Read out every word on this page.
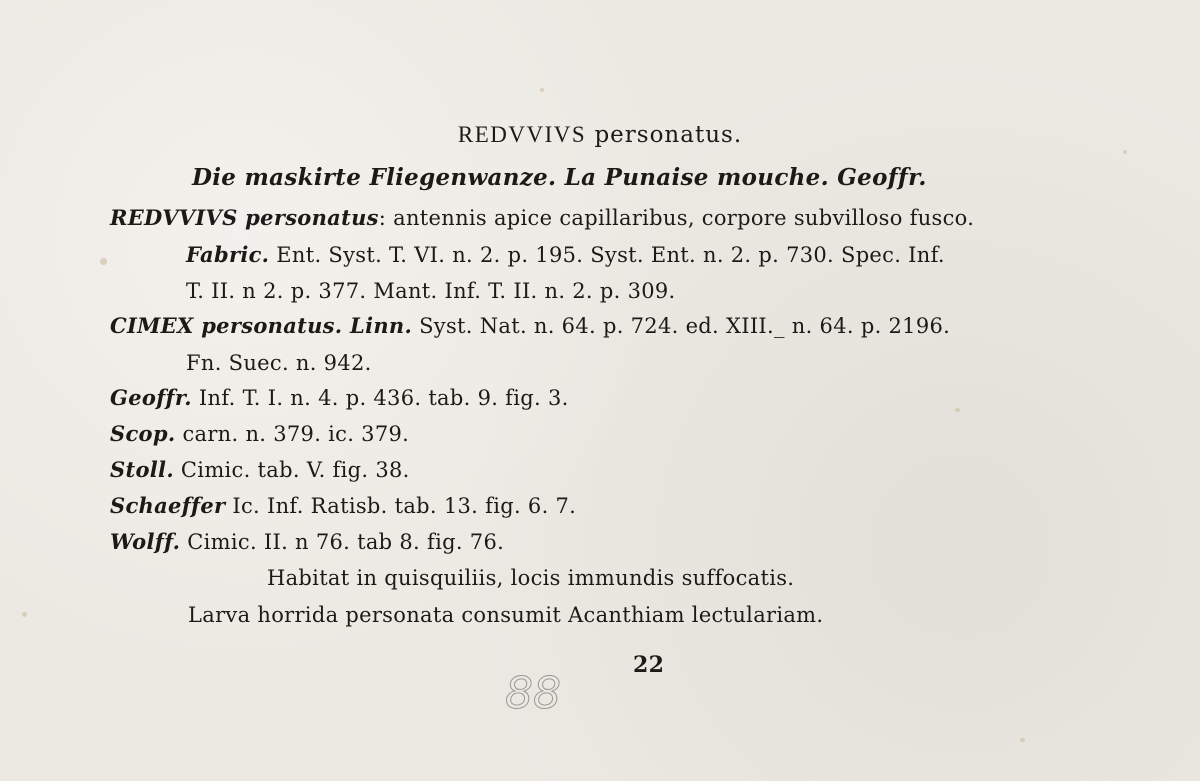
REDVVIVS personatus.
Die maskirte Fliegenwanze. La Punaise mouche. Geoffr.
REDVVIVS personatus: antennis apice capillaribus, corpore subvilloso fusco.
Fabric. Ent. Syst. T. VI. n. 2. p. 195. Syst. Ent. n. 2. p. 730. Spec. Inf.
T. II. n 2. p. 377. Mant. Inf. T. II. n. 2. p. 309.
CIMEX personatus. Linn. Syst. Nat. n. 64. p. 724. ed. XIII._ n. 64. p. 2196.
Fn. Suec. n. 942.
Geoffr. Inf. T. I. n. 4. p. 436. tab. 9. fig. 3.
Scop. carn. n. 379. ic. 379.
Stoll. Cimic. tab. V. fig. 38.
Schaeffer Ic. Inf. Ratisb. tab. 13. fig. 6. 7.
Wolff. Cimic. II. n 76. tab 8. fig. 76.
Habitat in quisquiliis, locis immundis suffocatis.
Larva horrida personata consumit Acanthiam lectulariam.
22
88
